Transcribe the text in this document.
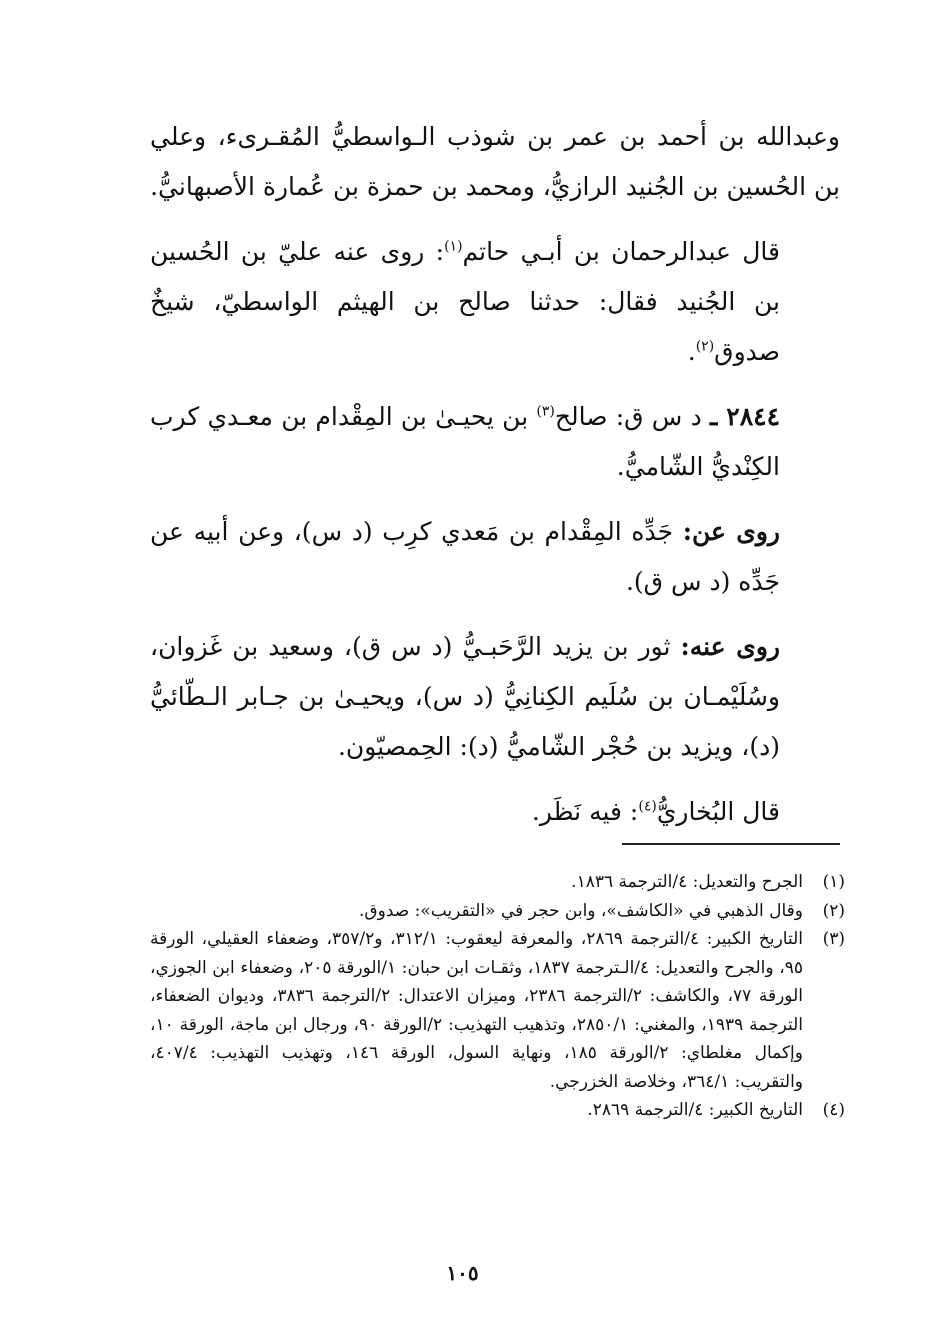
وعبدالله بن أحمد بن عمر بن شوذب الـواسطيُّ المُقـرىء، وعلي بن الحُسين بن الجُنيد الرازيُّ، ومحمد بن حمزة بن عُمارة الأصبهانيُّ.

قال عبدالرحمان بن أبـي حاتم$^{(١)}$: روى عنه عليّ بن الحُسين بن الجُنيد فقال: حدثنا صالح بن الهيثم الواسطيّ، شيخٌ صدوق$^{(٢)}$.

٢٨٤٤ ـ د س ق: صالح$^{(٣)}$ بن يحيـىٰ بن المِقْدام بن معـدي كرب الكِنْديُّ الشّاميُّ.

روى عن: جَدِّه المِقْدام بن مَعدي كرِب (د س)، وعن أبيه عن جَدِّه (د س ق).

روى عنه: ثور بن يزيد الرَّحَبـيُّ (د س ق)، وسعيد بن غَزوان، وسُلَيْمـان بن سُلَيم الكِنانِيُّ (د س)، ويحيـىٰ بن جـابر الـطّائيُّ (د)، ويزيد بن حُجْر الشّاميُّ (د): الحِمصيّون.

قال البُخاريُّ$^{(٤)}$: فيه نَظَر.

(١)
الجرح والتعديل: ٤/الترجمة ١٨٣٦.
(٢)
وقال الذهبي في «الكاشف»، وابن حجر في «التقريب»: صدوق.
(٣)
التاريخ الكبير: ٤/الترجمة ٢٨٦٩، والمعرفة ليعقوب: ٣١٢/١، و٣٥٧/٢، وضعفاء العقيلي، الورقة ٩٥، والجرح والتعديل: ٤/الـترجمة ١٨٣٧، وثقـات ابن حبان: ١/الورقة ٢٠٥، وضعفاء ابن الجوزي، الورقة ٧٧، والكاشف: ٢/الترجمة ٢٣٨٦، وميزان الاعتدال: ٢/الترجمة ٣٨٣٦، وديوان الضعفاء، الترجمة ١٩٣٩، والمغني: ٢٨٥٠/١، وتذهيب التهذيب: ٢/الورقة ٩٠، ورجال ابن ماجة، الورقة ١٠، وإكمال مغلطاي: ٢/الورقة ١٨٥، ونهاية السول، الورقة ١٤٦، وتهذيب التهذيب: ٤٠٧/٤، والتقريب: ٣٦٤/١، وخلاصة الخزرجي.
(٤)
التاريخ الكبير: ٤/الترجمة ٢٨٦٩.
١٠٥
